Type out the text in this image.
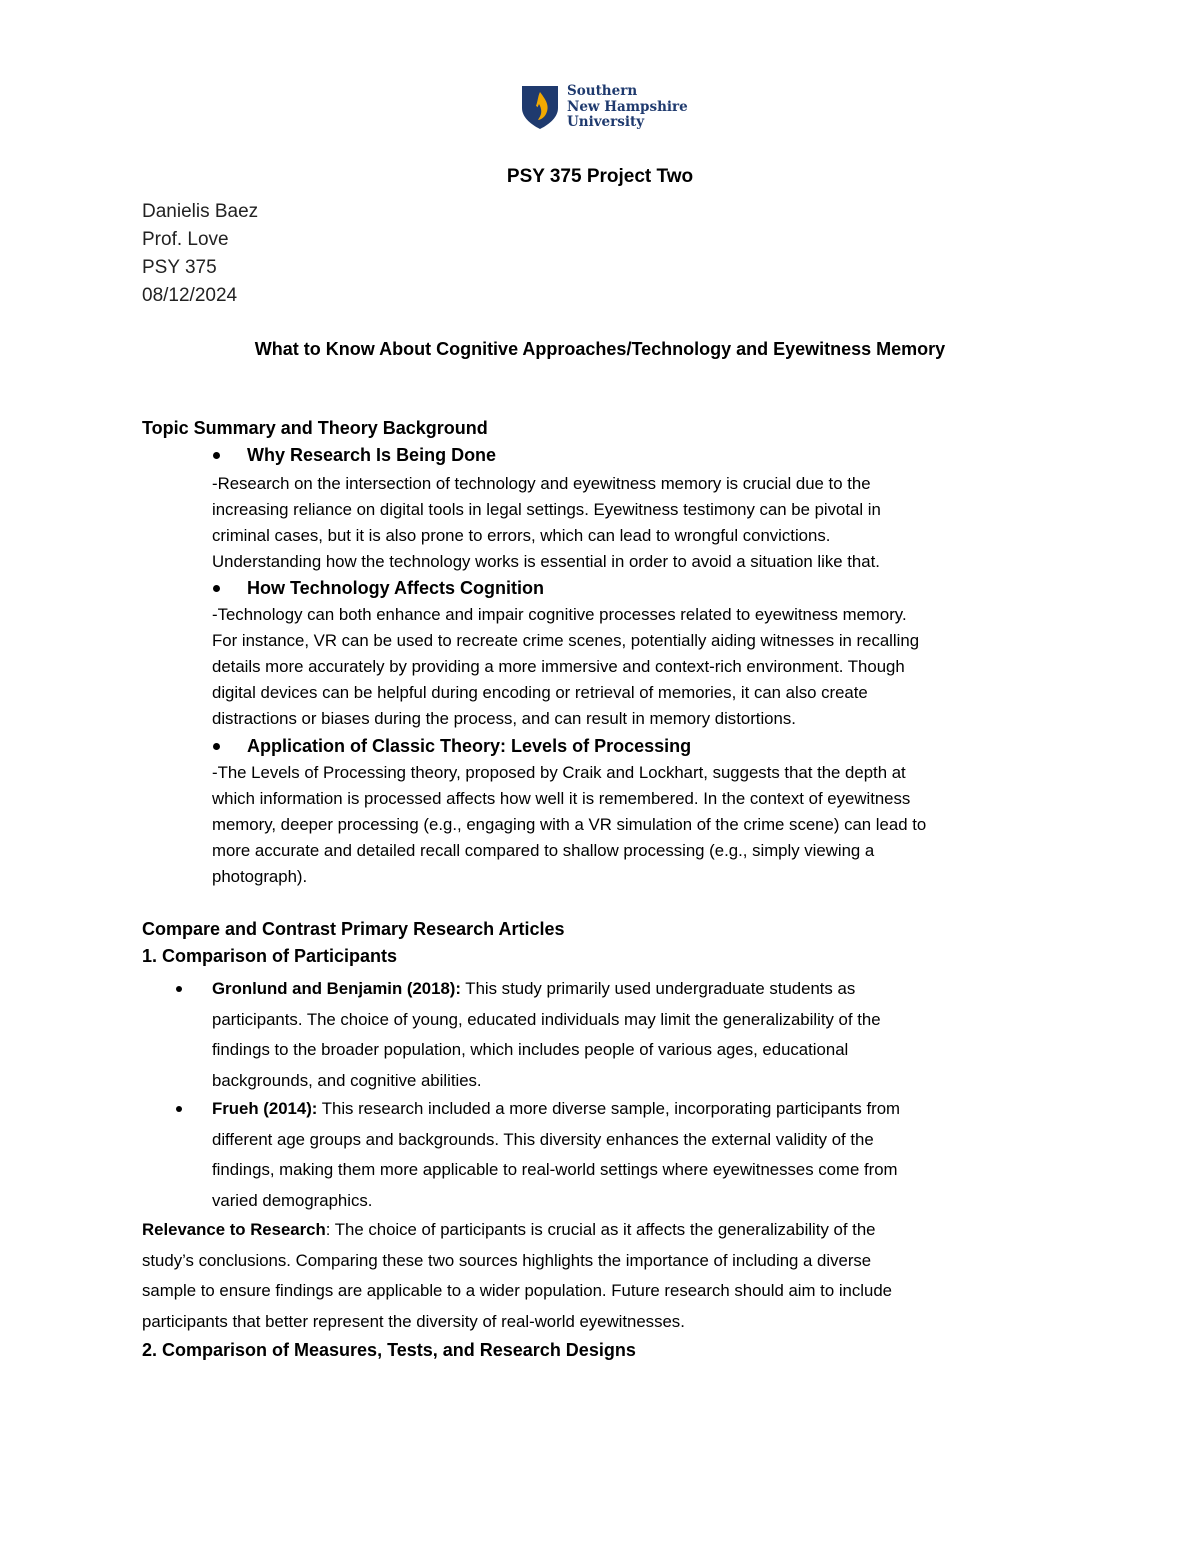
Southern
New Hampshire
University
PSY 375 Project Two
Danielis Baez
Prof. Love
PSY 375
08/12/2024
What to Know About Cognitive Approaches/Technology and Eyewitness Memory
Topic Summary and Theory Background
Why Research Is Being Done
-Research on the intersection of technology and eyewitness memory is crucial due to the
increasing reliance on digital tools in legal settings. Eyewitness testimony can be pivotal in
criminal cases, but it is also prone to errors, which can lead to wrongful convictions.
Understanding how the technology works is essential in order to avoid a situation like that.
How Technology Affects Cognition
-Technology can both enhance and impair cognitive processes related to eyewitness memory.
For instance, VR can be used to recreate crime scenes, potentially aiding witnesses in recalling
details more accurately by providing a more immersive and context-rich environment. Though
digital devices can be helpful during encoding or retrieval of memories, it can also create
distractions or biases during the process, and can result in memory distortions.
Application of Classic Theory: Levels of Processing
-The Levels of Processing theory, proposed by Craik and Lockhart, suggests that the depth at
which information is processed affects how well it is remembered. In the context of eyewitness
memory, deeper processing (e.g., engaging with a VR simulation of the crime scene) can lead to
more accurate and detailed recall compared to shallow processing (e.g., simply viewing a
photograph).
Compare and Contrast Primary Research Articles
1. Comparison of Participants
Gronlund and Benjamin (2018): This study primarily used undergraduate students as
participants. The choice of young, educated individuals may limit the generalizability of the
findings to the broader population, which includes people of various ages, educational
backgrounds, and cognitive abilities.
Frueh (2014): This research included a more diverse sample, incorporating participants from
different age groups and backgrounds. This diversity enhances the external validity of the
findings, making them more applicable to real-world settings where eyewitnesses come from
varied demographics.
Relevance to Research: The choice of participants is crucial as it affects the generalizability of the
study’s conclusions. Comparing these two sources highlights the importance of including a diverse
sample to ensure findings are applicable to a wider population. Future research should aim to include
participants that better represent the diversity of real-world eyewitnesses.
2. Comparison of Measures, Tests, and Research Designs
